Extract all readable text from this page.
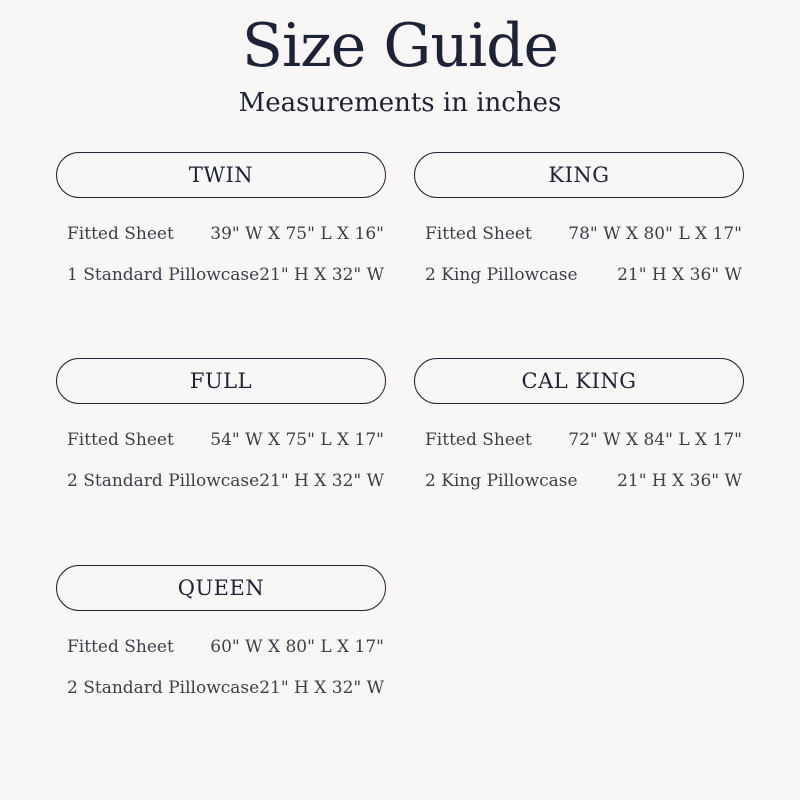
Size Guide
Measurements in inches
TWIN
Fitted Sheet 39" W X 75" L X 16"
1 Standard Pillowcase 21" H X 32" W
KING
Fitted Sheet 78" W X 80" L X 17"
2 King Pillowcase 21" H X 36" W
FULL
Fitted Sheet 54" W X 75" L X 17"
2 Standard Pillowcase 21" H X 32" W
CAL KING
Fitted Sheet 72" W X 84" L X 17"
2 King Pillowcase 21" H X 36" W
QUEEN
Fitted Sheet 60" W X 80" L X 17"
2 Standard Pillowcase 21" H X 32" W
